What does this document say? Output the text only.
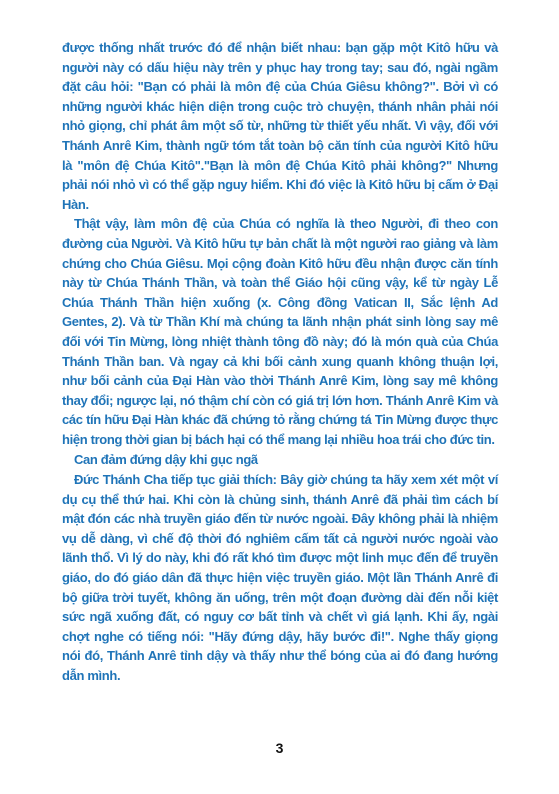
được thống nhất trước đó để nhận biết nhau: bạn gặp một Kitô hữu và người này có dấu hiệu này trên y phục hay trong tay; sau đó, ngài ngầm đặt câu hỏi: "Bạn có phải là môn đệ của Chúa Giêsu không?". Bởi vì có những người khác hiện diện trong cuộc trò chuyện, thánh nhân phải nói nhỏ giọng, chỉ phát âm một số từ, những từ thiết yếu nhất. Vì vậy, đối với Thánh Anrê Kim, thành ngữ tóm tắt toàn bộ căn tính của người Kitô hữu là "môn đệ Chúa Kitô"."Bạn là môn đệ Chúa Kitô phải không?" Nhưng phải nói nhỏ vì có thể gặp nguy hiểm. Khi đó việc là Kitô hữu bị cấm ở Đại Hàn.

Thật vậy, làm môn đệ của Chúa có nghĩa là theo Người, đi theo con đường của Người. Và Kitô hữu tự bản chất là một người rao giảng và làm chứng cho Chúa Giêsu. Mọi cộng đoàn Kitô hữu đều nhận được căn tính này từ Chúa Thánh Thần, và toàn thể Giáo hội cũng vậy, kể từ ngày Lễ Chúa Thánh Thần hiện xuống (x. Công đồng Vatican II, Sắc lệnh Ad Gentes, 2). Và từ Thần Khí mà chúng ta lãnh nhận phát sinh lòng say mê đối với Tin Mừng, lòng nhiệt thành tông đồ này; đó là món quà của Chúa Thánh Thần ban. Và ngay cả khi bối cảnh xung quanh không thuận lợi, như bối cảnh của Đại Hàn vào thời Thánh Anrê Kim, lòng say mê không thay đổi; ngược lại, nó thậm chí còn có giá trị lớn hơn. Thánh Anrê Kim và các tín hữu Đại Hàn khác đã chứng tỏ rằng chứng tá Tin Mừng được thực hiện trong thời gian bị bách hại có thể mang lại nhiều hoa trái cho đức tin.

Can đảm đứng dậy khi gục ngã

Đức Thánh Cha tiếp tục giải thích: Bây giờ chúng ta hãy xem xét một ví dụ cụ thể thứ hai. Khi còn là chủng sinh, thánh Anrê đã phải tìm cách bí mật đón các nhà truyền giáo đến từ nước ngoài. Đây không phải là nhiệm vụ dễ dàng, vì chế độ thời đó nghiêm cấm tất cả người nước ngoài vào lãnh thổ. Vì lý do này, khi đó rất khó tìm được một linh mục đến để truyền giáo, do đó giáo dân đã thực hiện việc truyền giáo. Một lần Thánh Anrê đi bộ giữa trời tuyết, không ăn uống, trên một đoạn đường dài đến nỗi kiệt sức ngã xuống đất, có nguy cơ bất tỉnh và chết vì giá lạnh. Khi ấy, ngài chợt nghe có tiếng nói: "Hãy đứng dậy, hãy bước đi!". Nghe thấy giọng nói đó, Thánh Anrê tỉnh dậy và thấy như thể bóng của ai đó đang hướng dẫn mình.

3
